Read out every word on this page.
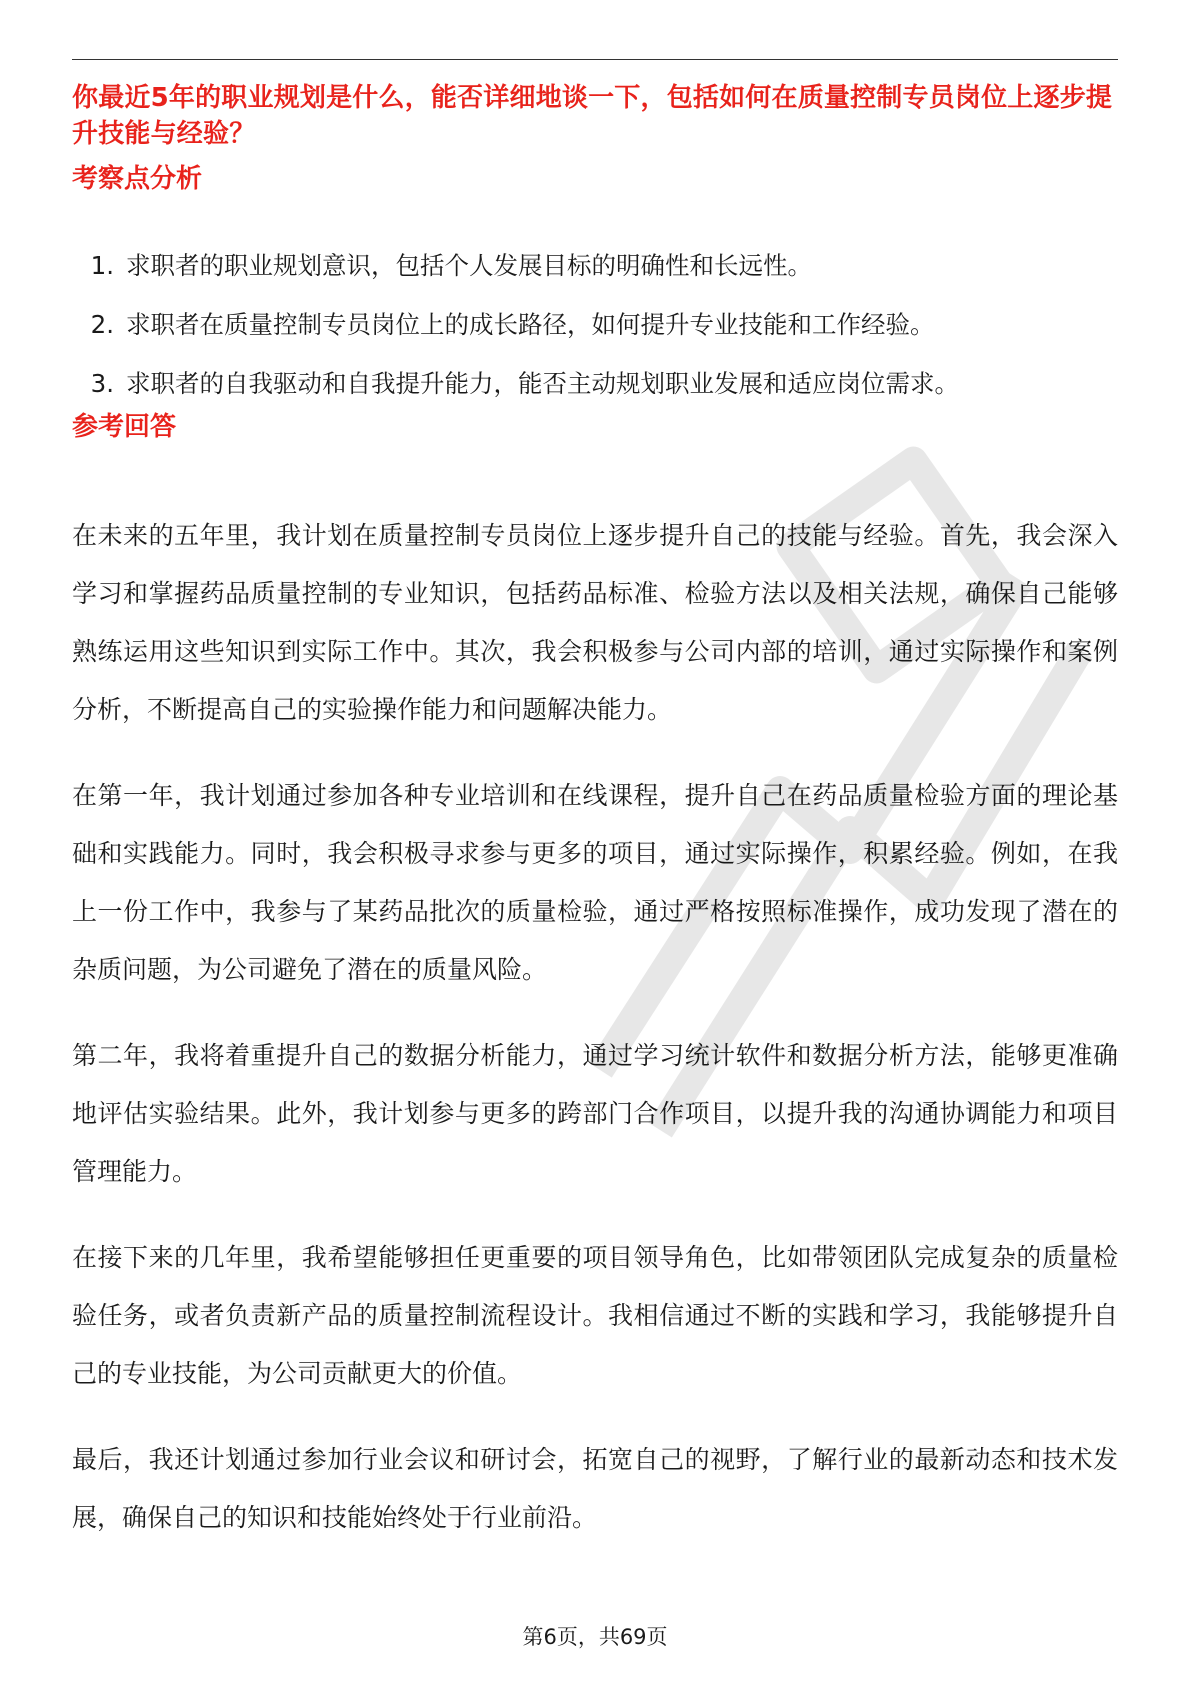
你最近5年的职业规划是什么，能否详细地谈一下，包括如何在质量控制专员岗位上逐步提升技能与经验？

考察点分析
1. 求职者的职业规划意识，包括个人发展目标的明确性和长远性。
2. 求职者在质量控制专员岗位上的成长路径，如何提升专业技能和工作经验。
3. 求职者的自我驱动和自我提升能力，能否主动规划职业发展和适应岗位需求。
参考回答

在未来的五年里，我计划在质量控制专员岗位上逐步提升自己的技能与经验。首先，我会深入学习和掌握药品质量控制的专业知识，包括药品标准、检验方法以及相关法规，确保自己能够熟练运用这些知识到实际工作中。其次，我会积极参与公司内部的培训，通过实际操作和案例分析，不断提高自己的实验操作能力和问题解决能力。

在第一年，我计划通过参加各种专业培训和在线课程，提升自己在药品质量检验方面的理论基础和实践能力。同时，我会积极寻求参与更多的项目，通过实际操作，积累经验。例如，在我上一份工作中，我参与了某药品批次的质量检验，通过严格按照标准操作，成功发现了潜在的杂质问题，为公司避免了潜在的质量风险。

第二年，我将着重提升自己的数据分析能力，通过学习统计软件和数据分析方法，能够更准确地评估实验结果。此外，我计划参与更多的跨部门合作项目，以提升我的沟通协调能力和项目管理能力。

在接下来的几年里，我希望能够担任更重要的项目领导角色，比如带领团队完成复杂的质量检验任务，或者负责新产品的质量控制流程设计。我相信通过不断的实践和学习，我能够提升自己的专业技能，为公司贡献更大的价值。

最后，我还计划通过参加行业会议和研讨会，拓宽自己的视野，了解行业的最新动态和技术发展，确保自己的知识和技能始终处于行业前沿。

第6页，共69页
